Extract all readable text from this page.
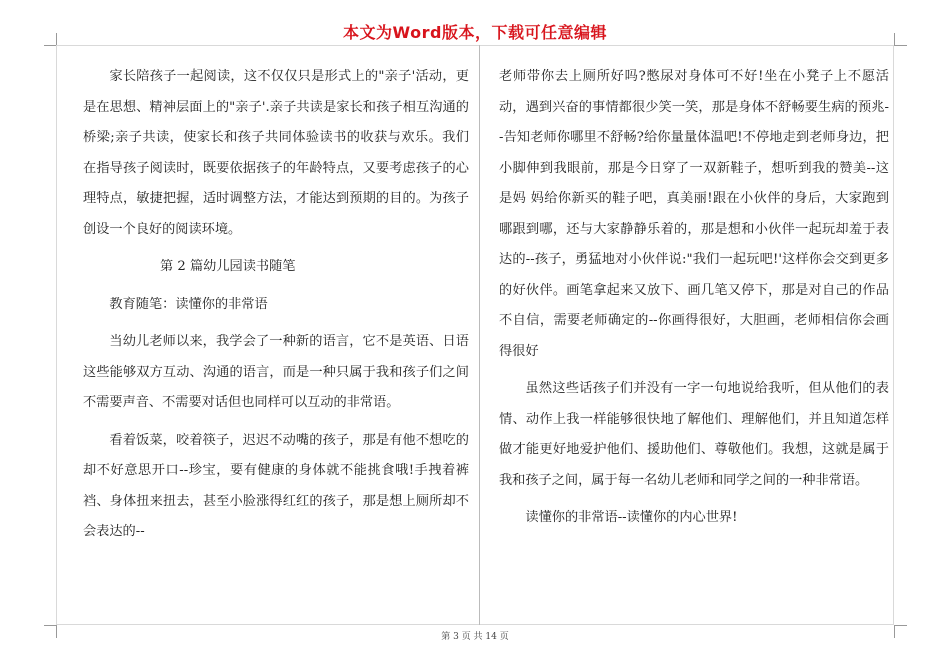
本文为Word版本，下载可任意编辑

家长陪孩子一起阅读，这不仅仅只是形式上的"亲子'活动，更是在思想、精神层面上的"亲子'.亲子共读是家长和孩子相互沟通的桥梁;亲子共读，使家长和孩子共同体验读书的收获与欢乐。我们在指导孩子阅读时，既要依据孩子的年龄特点，又要考虑孩子的心理特点，敏捷把握，适时调整方法，才能达到预期的目的。为孩子创设一个良好的阅读环境。

第 2 篇幼儿园读书随笔

教育随笔：读懂你的非常语

当幼儿老师以来，我学会了一种新的语言，它不是英语、日语这些能够双方互动、沟通的语言，而是一种只属于我和孩子们之间不需要声音、不需要对话但也同样可以互动的非常语。

看着饭菜，咬着筷子，迟迟不动嘴的孩子，那是有他不想吃的却不好意思开口--珍宝，要有健康的身体就不能挑食哦!手拽着裤裆、身体扭来扭去，甚至小脸涨得红红的孩子，那是想上厕所却不会表达的--

老师带你去上厕所好吗?憋尿对身体可不好!坐在小凳子上不愿活动，遇到兴奋的事情都很少笑一笑，那是身体不舒畅要生病的预兆--告知老师你哪里不舒畅?给你量量体温吧!不停地走到老师身边，把小脚伸到我眼前，那是今日穿了一双新鞋子，想听到我的赞美--这是妈 妈给你新买的鞋子吧，真美丽!跟在小伙伴的身后，大家跑到哪跟到哪，还与大家静静乐着的，那是想和小伙伴一起玩却羞于表达的--孩子，勇猛地对小伙伴说:"我们一起玩吧!'这样你会交到更多的好伙伴。画笔拿起来又放下、画几笔又停下，那是对自己的作品不自信，需要老师确定的--你画得很好，大胆画，老师相信你会画得很好

虽然这些话孩子们并没有一字一句地说给我听，但从他们的表情、动作上我一样能够很快地了解他们、理解他们，并且知道怎样做才能更好地爱护他们、援助他们、尊敬他们。我想，这就是属于我和孩子之间，属于每一名幼儿老师和同学之间的一种非常语。

读懂你的非常语--读懂你的内心世界!

第 3 页 共 14 页
